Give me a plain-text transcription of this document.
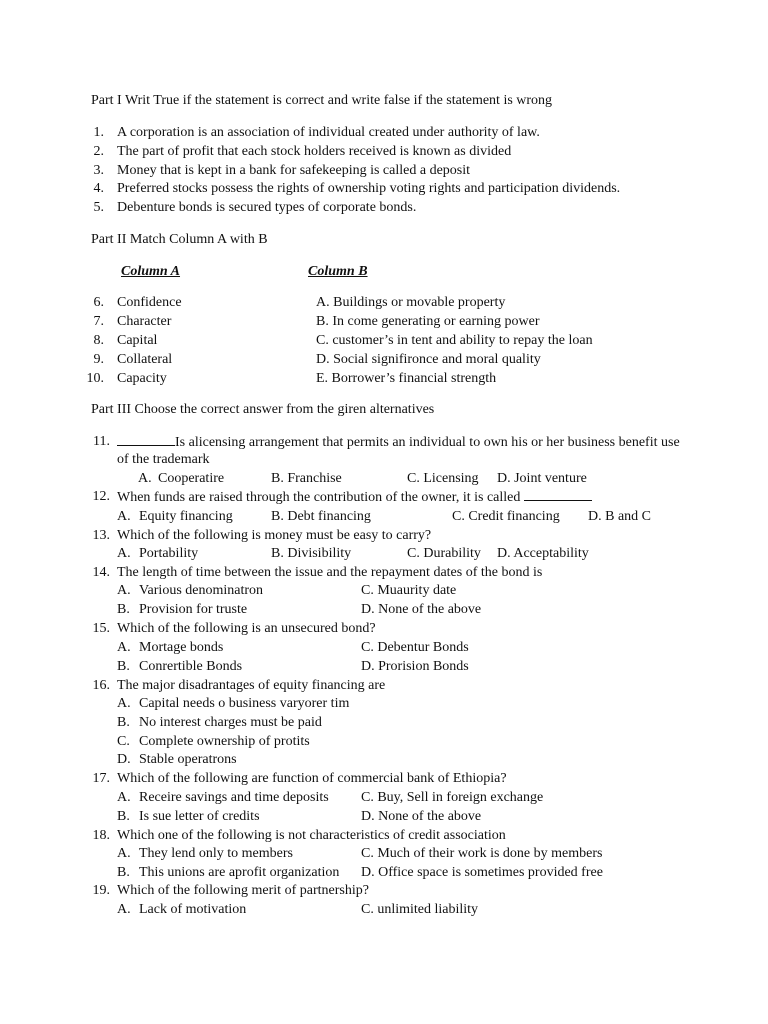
Part I Writ True if the statement is correct and write false if the statement is wrong
1. A corporation is an association of individual created under authority of law.
2. The part of profit that each stock holders received is known as divided
3. Money that is kept in a bank for safekeeping is called a deposit
4. Preferred stocks possess the rights of ownership voting rights and participation dividends.
5. Debenture bonds is secured types of corporate bonds.
Part II Match Column A with B
Column A	Column B
6. Confidence	A. Buildings or movable property
7. Character	B. In come generating or earning power
8. Capital	C. customer’s in tent and ability to repay the loan
9. Collateral	D. Social signifironce and moral quality
10. Capacity	E. Borrower’s financial strength
Part III Choose the correct answer from the giren alternatives
11.	Is alicensing arrangement that permits an individual to own his or her business benefit use
of the trademark
A. Cooperatire	B. Franchise	C. Licensing D. Joint venture
12. When funds are raised through the contribution of the owner, it is called
A. Equity financing	B. Debt financing	C. Credit financing D. B and C
13. Which of the following is money must be easy to carry?
A. Portability	B. Divisibility	C. Durability D. Acceptability
14. The length of time between the issue and the repayment dates of the bond is
A. Various denominatron	C. Muaurity date
B. Provision for truste	D. None of the above
15. Which of the following is an unsecured bond?
A. Mortage bonds	C. Debentur Bonds
B. Conrertible Bonds	D. Prorision Bonds
16. The major disadrantages of equity financing are
A. Capital needs o business varyorer tim
B. No interest charges must be paid
C. Complete ownership of protits
D. Stable operatrons
17. Which of the following are function of commercial bank of Ethiopia?
A. Receire savings and time deposits C. Buy, Sell in foreign exchange
B. Is sue letter of credits	D. None of the above
18. Which one of the following is not characteristics of credit association
A. They lend only to members	C. Much of their work is done by members
B. This unions are aprofit organization D. Office space is sometimes provided free
19. Which of the following merit of partnership?
A. Lack of motivation	C. unlimited liability
